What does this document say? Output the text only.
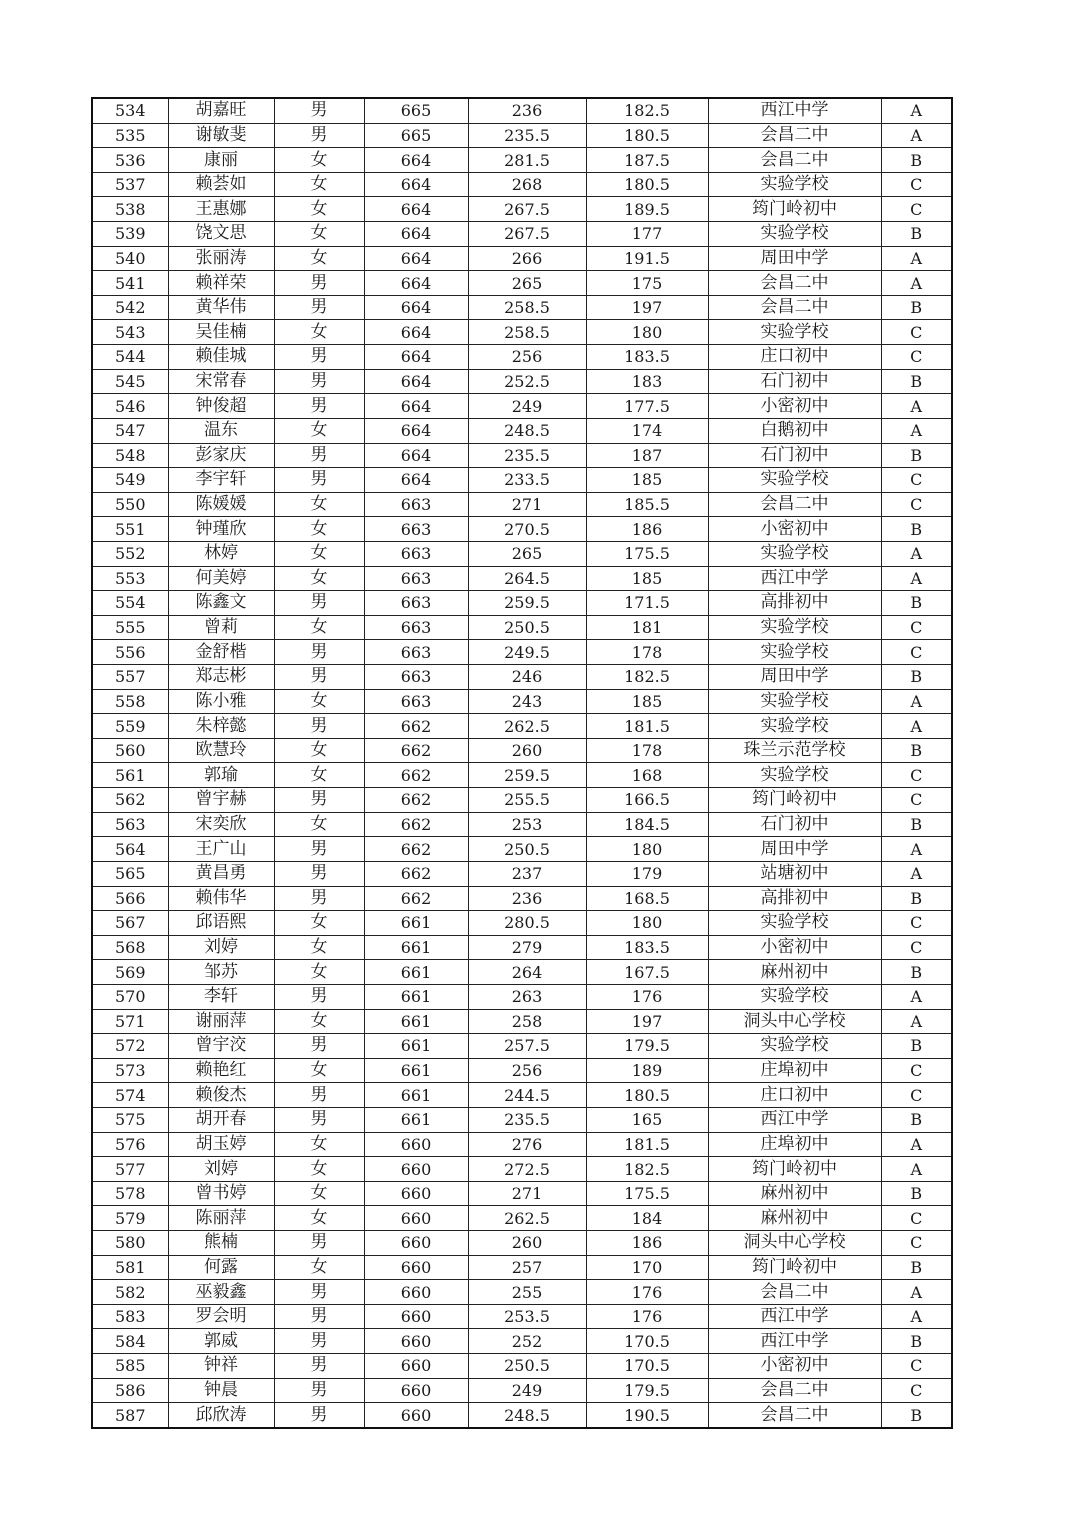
534	胡嘉旺	男	665	236	182.5	西江中学	A
535	谢敏斐	男	665	235.5	180.5	会昌二中	A
536	康丽	女	664	281.5	187.5	会昌二中	B
537	赖荟如	女	664	268	180.5	实验学校	C
538	王惠娜	女	664	267.5	189.5	筠门岭初中	C
539	饶文思	女	664	267.5	177	实验学校	B
540	张丽涛	女	664	266	191.5	周田中学	A
541	赖祥荣	男	664	265	175	会昌二中	A
542	黄华伟	男	664	258.5	197	会昌二中	B
543	吴佳楠	女	664	258.5	180	实验学校	C
544	赖佳城	男	664	256	183.5	庄口初中	C
545	宋常春	男	664	252.5	183	石门初中	B
546	钟俊超	男	664	249	177.5	小密初中	A
547	温东	女	664	248.5	174	白鹅初中	A
548	彭家庆	男	664	235.5	187	石门初中	B
549	李宇轩	男	664	233.5	185	实验学校	C
550	陈媛媛	女	663	271	185.5	会昌二中	C
551	钟瑾欣	女	663	270.5	186	小密初中	B
552	林婷	女	663	265	175.5	实验学校	A
553	何美婷	女	663	264.5	185	西江中学	A
554	陈鑫文	男	663	259.5	171.5	高排初中	B
555	曾莉	女	663	250.5	181	实验学校	C
556	金舒楷	男	663	249.5	178	实验学校	C
557	郑志彬	男	663	246	182.5	周田中学	B
558	陈小雅	女	663	243	185	实验学校	A
559	朱梓懿	男	662	262.5	181.5	实验学校	A
560	欧慧玲	女	662	260	178	珠兰示范学校	B
561	郭瑜	女	662	259.5	168	实验学校	C
562	曾宇赫	男	662	255.5	166.5	筠门岭初中	C
563	宋奕欣	女	662	253	184.5	石门初中	B
564	王广山	男	662	250.5	180	周田中学	A
565	黄昌勇	男	662	237	179	站塘初中	A
566	赖伟华	男	662	236	168.5	高排初中	B
567	邱语熙	女	661	280.5	180	实验学校	C
568	刘婷	女	661	279	183.5	小密初中	C
569	邹苏	女	661	264	167.5	麻州初中	B
570	李轩	男	661	263	176	实验学校	A
571	谢丽萍	女	661	258	197	洞头中心学校	A
572	曾宇洨	男	661	257.5	179.5	实验学校	B
573	赖艳红	女	661	256	189	庄埠初中	C
574	赖俊杰	男	661	244.5	180.5	庄口初中	C
575	胡开春	男	661	235.5	165	西江中学	B
576	胡玉婷	女	660	276	181.5	庄埠初中	A
577	刘婷	女	660	272.5	182.5	筠门岭初中	A
578	曾书婷	女	660	271	175.5	麻州初中	B
579	陈丽萍	女	660	262.5	184	麻州初中	C
580	熊楠	男	660	260	186	洞头中心学校	C
581	何露	女	660	257	170	筠门岭初中	B
582	巫毅鑫	男	660	255	176	会昌二中	A
583	罗会明	男	660	253.5	176	西江中学	A
584	郭威	男	660	252	170.5	西江中学	B
585	钟祥	男	660	250.5	170.5	小密初中	C
586	钟晨	男	660	249	179.5	会昌二中	C
587	邱欣涛	男	660	248.5	190.5	会昌二中	B
